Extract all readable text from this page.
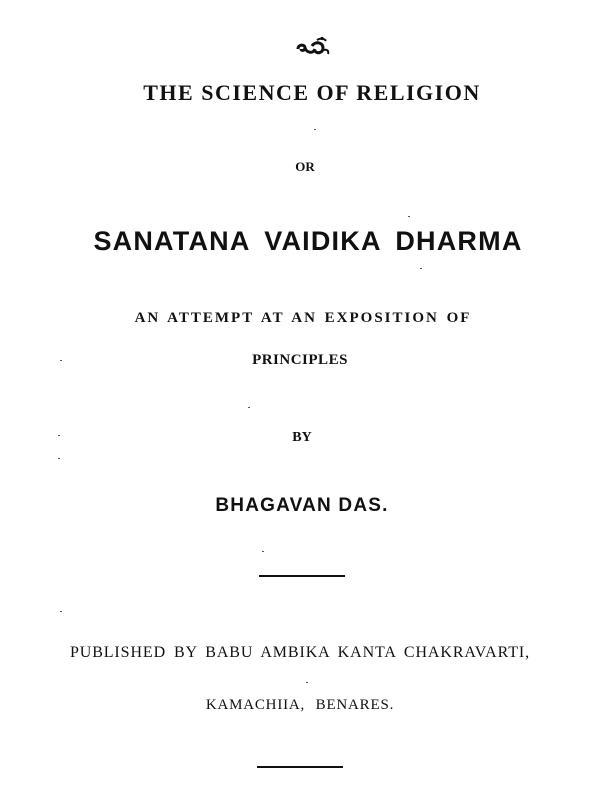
THE SCIENCE OF RELIGION
OR
SANATANA VAIDIKA DHARMA
AN ATTEMPT AT AN EXPOSITION OF
PRINCIPLES
BY
BHAGAVAN DAS.
PUBLISHED BY BABU AMBIKA KANTA CHAKRAVARTI,
KAMACHIIA, BENARES.
